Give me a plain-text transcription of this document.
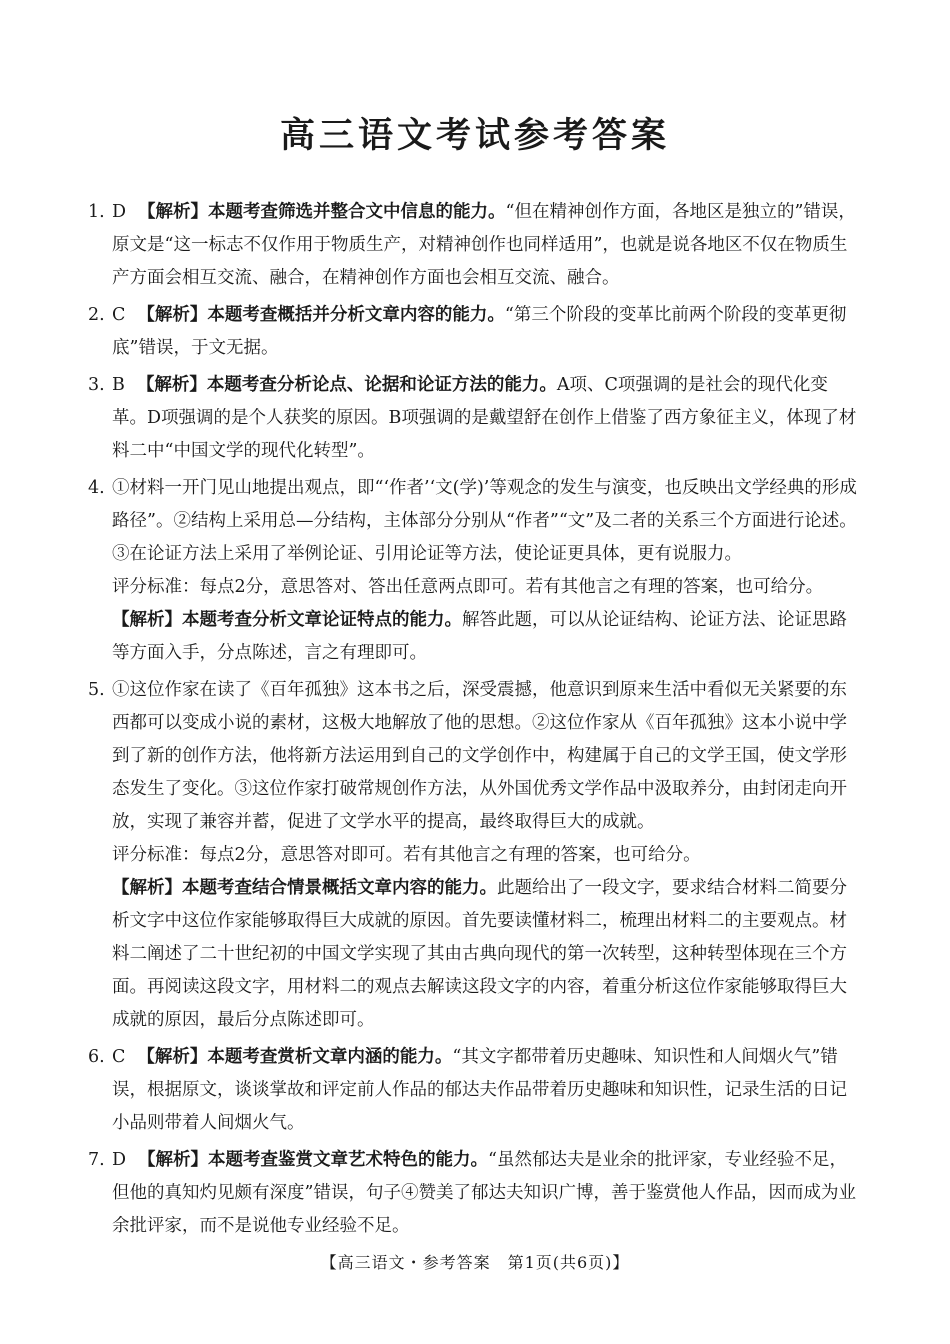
高三语文考试参考答案
1. D 【解析】本题考查筛选并整合文中信息的能力。“但在精神创作方面，各地区是独立的”错误，原文是“这一标志不仅作用于物质生产，对精神创作也同样适用”，也就是说各地区不仅在物质生产方面会相互交流、融合，在精神创作方面也会相互交流、融合。
2. C 【解析】本题考查概括并分析文章内容的能力。“第三个阶段的变革比前两个阶段的变革更彻底”错误，于文无据。
3. B 【解析】本题考查分析论点、论据和论证方法的能力。A项、C项强调的是社会的现代化变革。D项强调的是个人获奖的原因。B项强调的是戴望舒在创作上借鉴了西方象征主义，体现了材料二中“中国文学的现代化转型”。
4. ①材料一开门见山地提出观点，即“‘作者’‘文(学)’等观念的发生与演变，也反映出文学经典的形成路径”。②结构上采用总—分结构，主体部分分别从“作者”“文”及二者的关系三个方面进行论述。③在论证方法上采用了举例论证、引用论证等方法，使论证更具体，更有说服力。

评分标准：每点2分，意思答对、答出任意两点即可。若有其他言之有理的答案，也可给分。

【解析】本题考查分析文章论证特点的能力。解答此题，可以从论证结构、论证方法、论证思路等方面入手，分点陈述，言之有理即可。

5. ①这位作家在读了《百年孤独》这本书之后，深受震撼，他意识到原来生活中看似无关紧要的东西都可以变成小说的素材，这极大地解放了他的思想。②这位作家从《百年孤独》这本小说中学到了新的创作方法，他将新方法运用到自己的文学创作中，构建属于自己的文学王国，使文学形态发生了变化。③这位作家打破常规创作方法，从外国优秀文学作品中汲取养分，由封闭走向开放，实现了兼容并蓄，促进了文学水平的提高，最终取得巨大的成就。

评分标准：每点2分，意思答对即可。若有其他言之有理的答案，也可给分。

【解析】本题考查结合情景概括文章内容的能力。此题给出了一段文字，要求结合材料二简要分析文字中这位作家能够取得巨大成就的原因。首先要读懂材料二，梳理出材料二的主要观点。材料二阐述了二十世纪初的中国文学实现了其由古典向现代的第一次转型，这种转型体现在三个方面。再阅读这段文字，用材料二的观点去解读这段文字的内容，着重分析这位作家能够取得巨大成就的原因，最后分点陈述即可。

6. C 【解析】本题考查赏析文章内涵的能力。“其文字都带着历史趣味、知识性和人间烟火气”错误，根据原文，谈谈掌故和评定前人作品的郁达夫作品带着历史趣味和知识性，记录生活的日记小品则带着人间烟火气。
7. D 【解析】本题考查鉴赏文章艺术特色的能力。“虽然郁达夫是业余的批评家，专业经验不足，但他的真知灼见颇有深度”错误，句子④赞美了郁达夫知识广博，善于鉴赏他人作品，因而成为业余批评家，而不是说他专业经验不足。
【高三语文・参考答案　第1页(共6页)】
